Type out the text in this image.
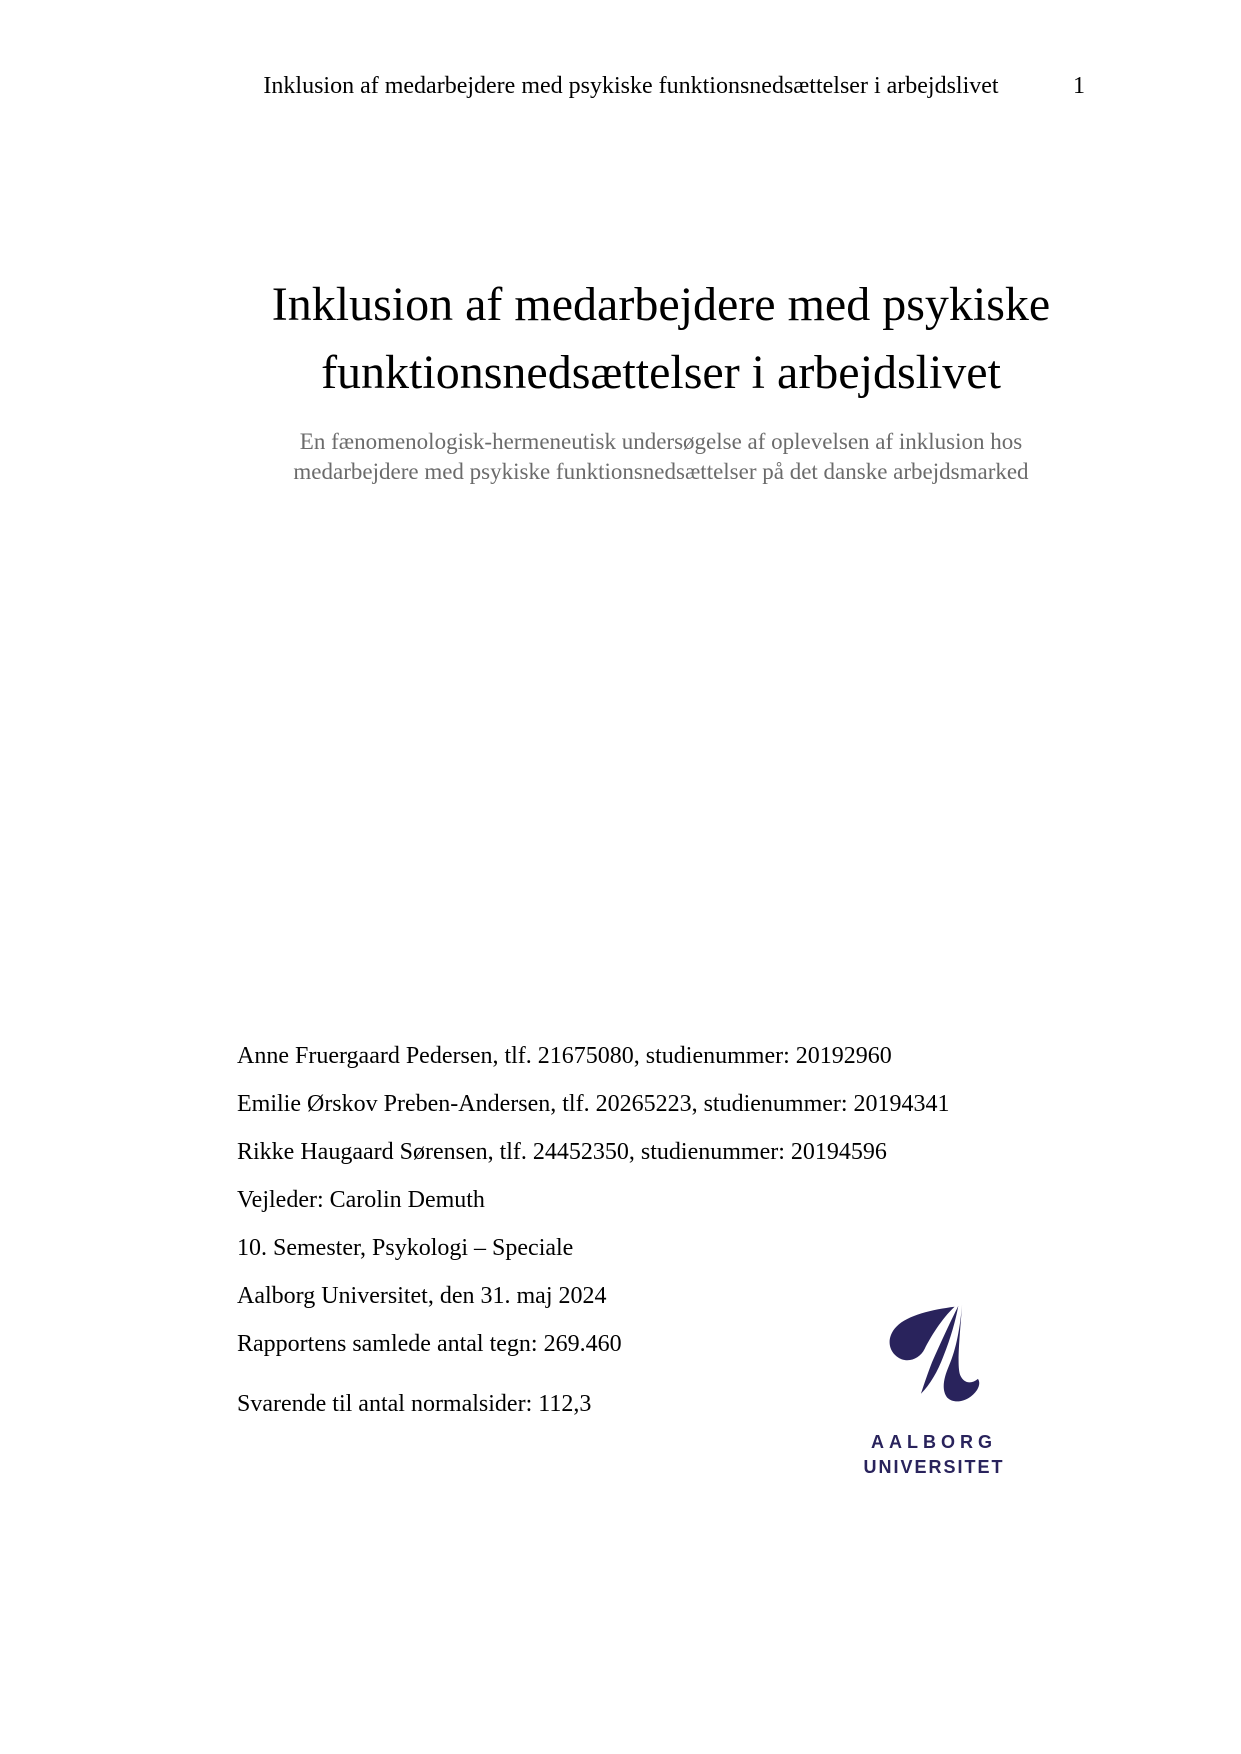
Inklusion af medarbejdere med psykiske funktionsnedsættelser i arbejdslivet	1
Inklusion af medarbejdere med psykiske
funktionsnedsættelser i arbejdslivet

En fænomenologisk-hermeneutisk undersøgelse af oplevelsen af inklusion hos
medarbejdere med psykiske funktionsnedsættelser på det danske arbejdsmarked

Anne Fruergaard Pedersen, tlf. 21675080, studienummer: 20192960

Emilie Ørskov Preben-Andersen, tlf. 20265223, studienummer: 20194341

Rikke Haugaard Sørensen, tlf. 24452350, studienummer: 20194596

Vejleder: Carolin Demuth

10. Semester, Psykologi – Speciale

Aalborg Universitet, den 31. maj 2024

Rapportens samlede antal tegn: 269.460

Svarende til antal normalsider: 112,3

AALBORG
UNIVERSITET
